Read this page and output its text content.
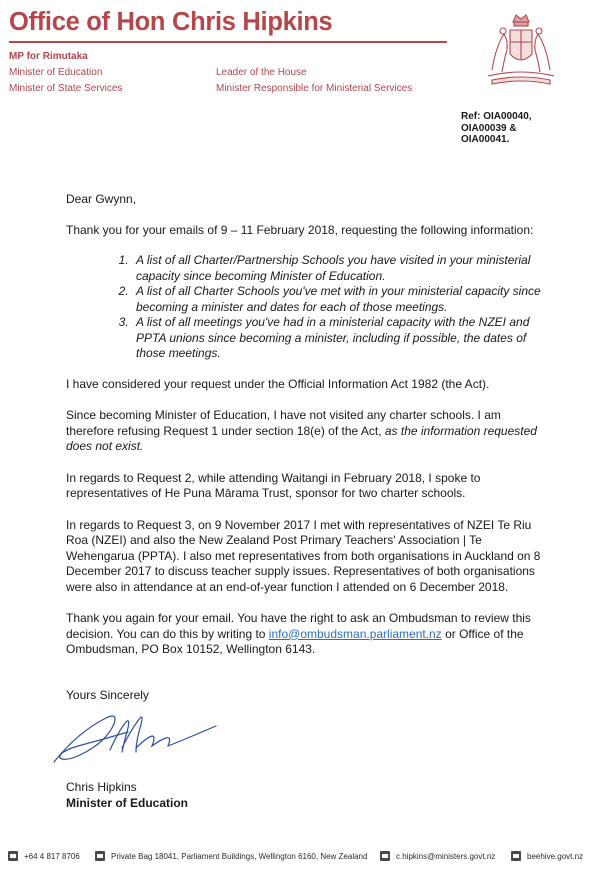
Office of Hon Chris Hipkins
MP for Rimutaka
Minister of Education
Minister of State Services
Leader of the House
Minister Responsible for Ministerial Services
Ref: OIA00040,
OIA00039 &
OIA00041.

Dear Gwynn,

Thank you for your emails of 9 – 11 February 2018, requesting the following information:

1. A list of all Charter/Partnership Schools you have visited in your ministerial capacity since becoming Minister of Education.
2. A list of all Charter Schools you've met with in your ministerial capacity since becoming a minister and dates for each of those meetings.
3. A list of all meetings you've had in a ministerial capacity with the NZEI and PPTA unions since becoming a minister, including if possible, the dates of those meetings.

I have considered your request under the Official Information Act 1982 (the Act).

Since becoming Minister of Education, I have not visited any charter schools. I am therefore refusing Request 1 under section 18(e) of the Act, as the information requested does not exist.

In regards to Request 2, while attending Waitangi in February 2018, I spoke to representatives of He Puna Mārama Trust, sponsor for two charter schools.

In regards to Request 3, on 9 November 2017 I met with representatives of NZEI Te Riu Roa (NZEI) and also the New Zealand Post Primary Teachers' Association | Te Wehengarua (PPTA). I also met representatives from both organisations in Auckland on 8 December 2017 to discuss teacher supply issues. Representatives of both organisations were also in attendance at an end-of-year function I attended on 6 December 2018.

Thank you again for your email. You have the right to ask an Ombudsman to review this decision. You can do this by writing to info@ombudsman.parliament.nz or Office of the Ombudsman, PO Box 10152, Wellington 6143.

Yours Sincerely
Chris Hipkins
Minister of Education
+64 4 817 8706	Private Bag 18041, Parliament Buildings, Wellington 6160, New Zealand	c.hipkins@ministers.govt.nz	beehive.govt.nz
